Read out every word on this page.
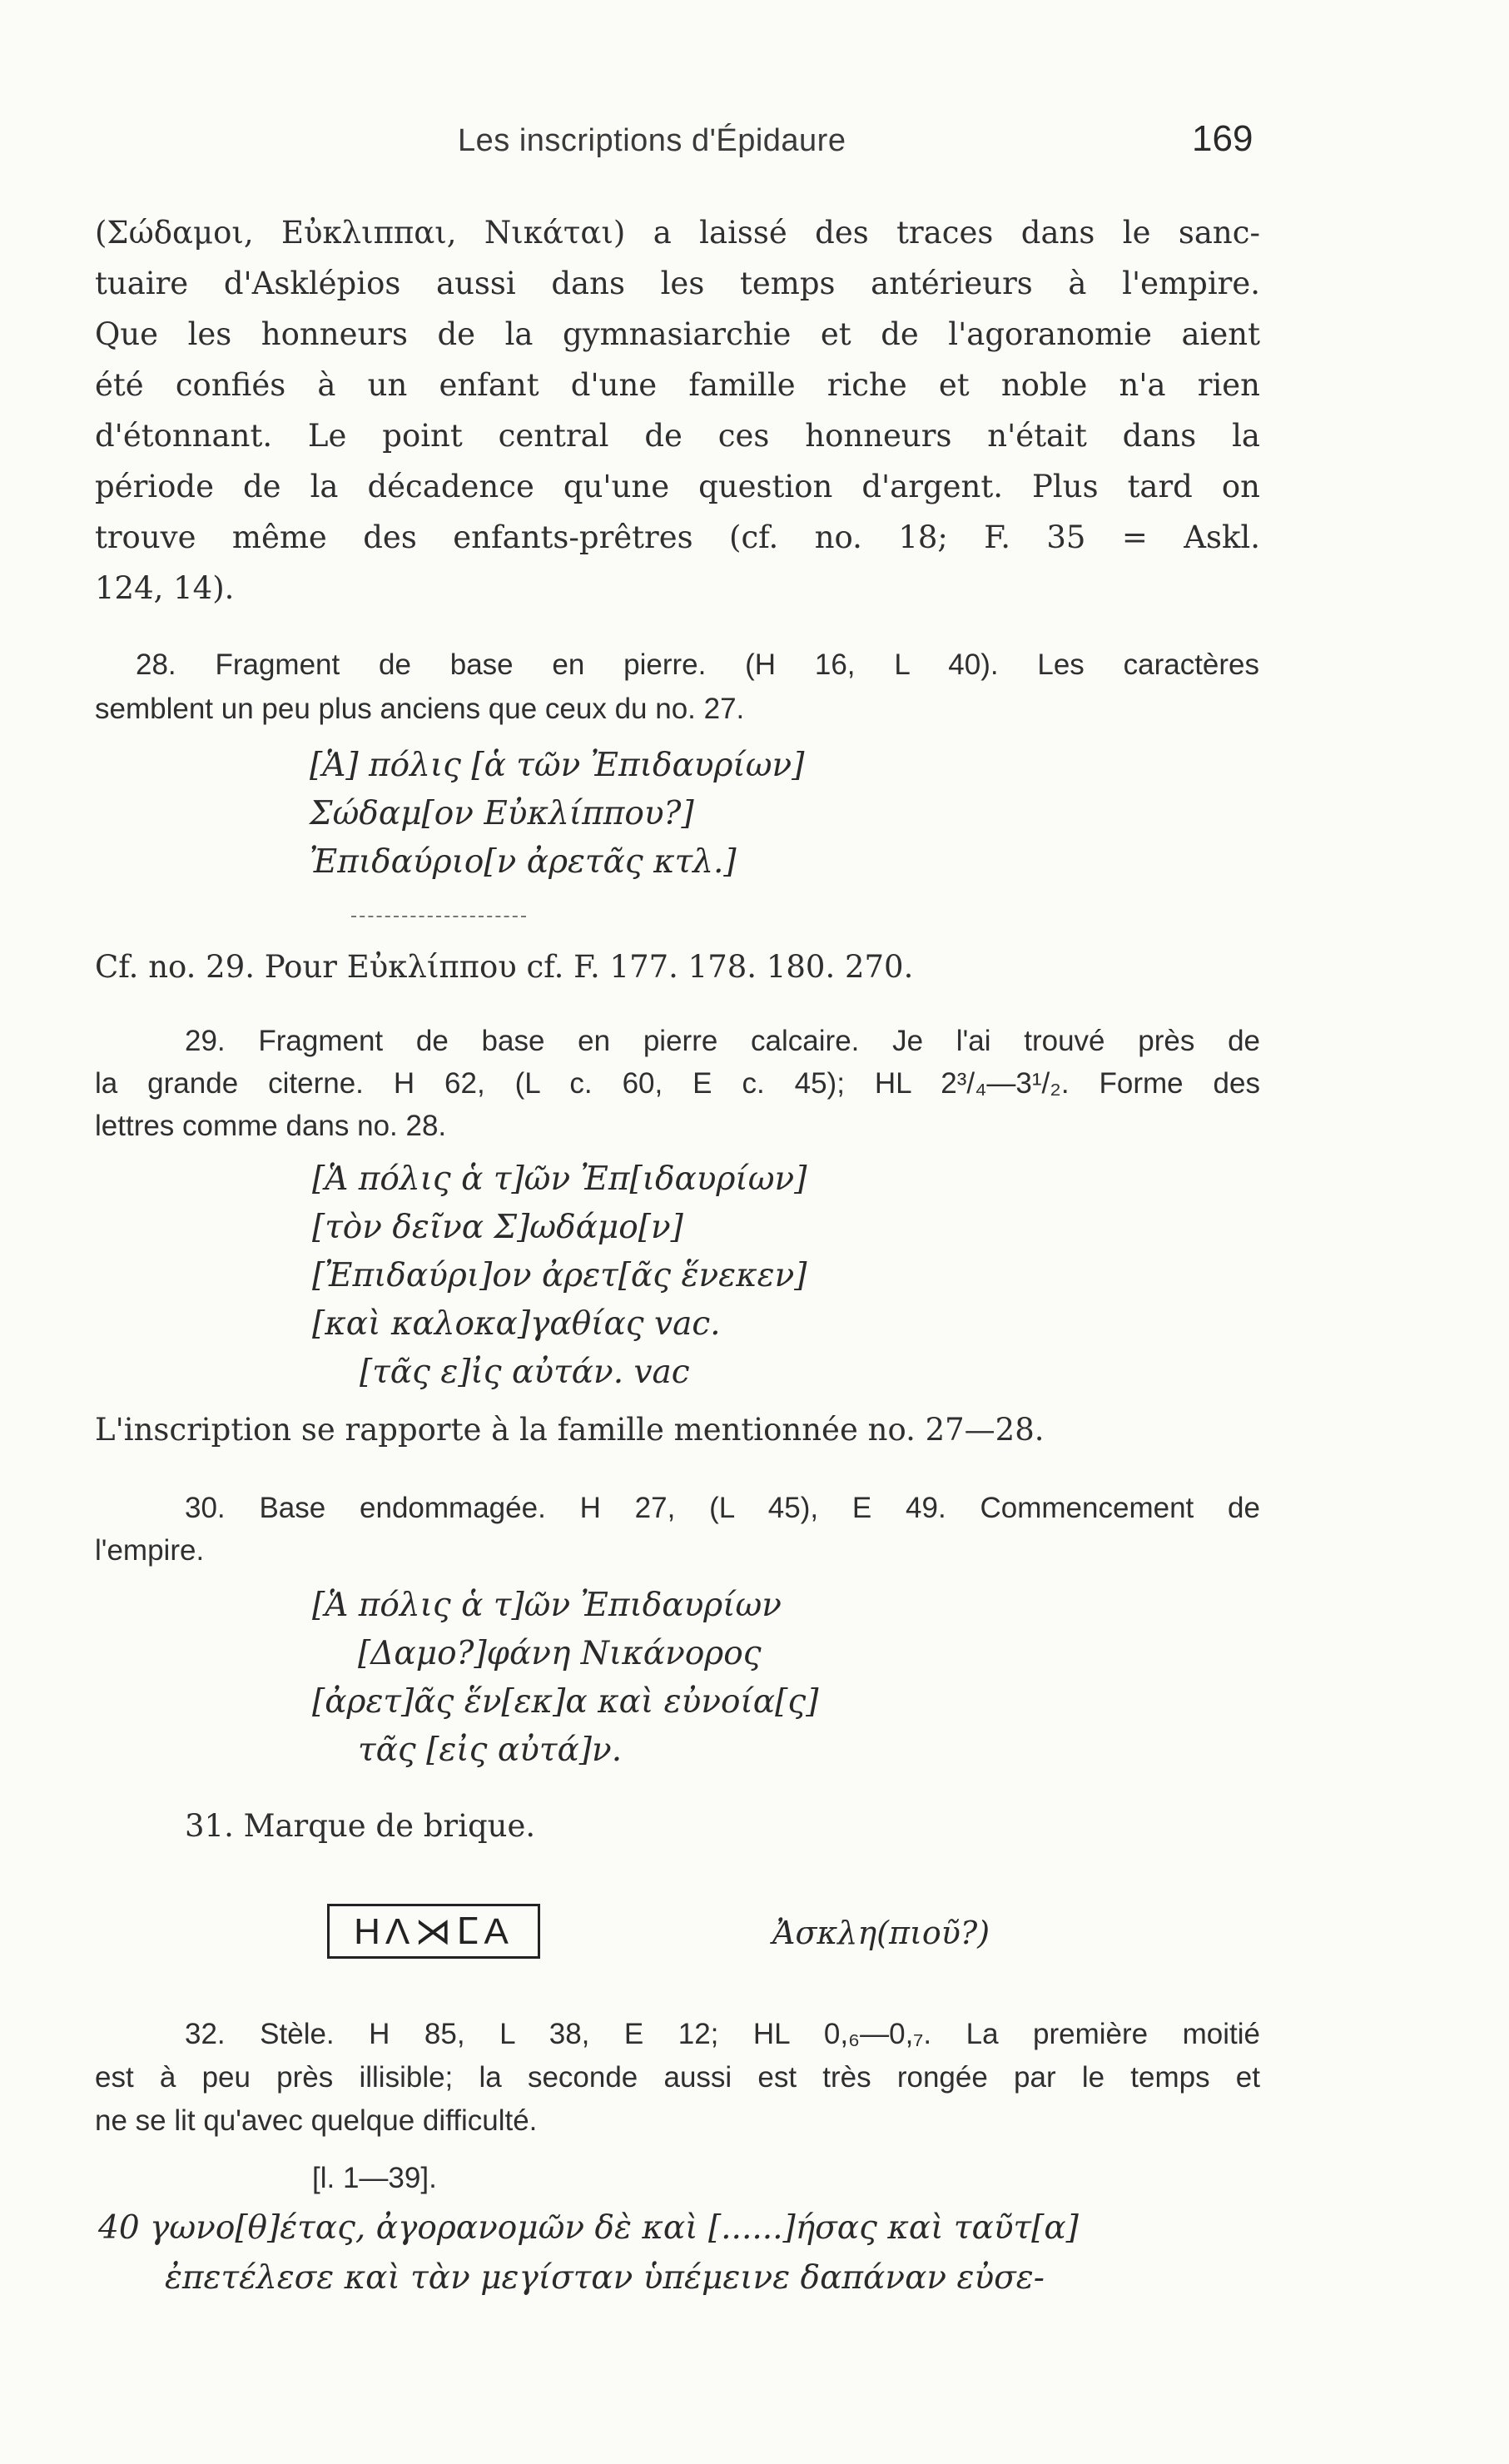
Les inscriptions d'Épidaure	169
(Σώδαμοι, Εὐκλιππαι, Νικάται) a laissé des traces dans le sanc-
tuaire d'Asklépios aussi dans les temps antérieurs à l'empire.
Que les honneurs de la gymnasiarchie et de l'agoranomie aient
été confiés à un enfant d'une famille riche et noble n'a rien
d'étonnant. Le point central de ces honneurs n'était dans la
période de la décadence qu'une question d'argent. Plus tard on
trouve même des enfants-prêtres (cf. no. 18; F. 35 = Askl.
124, 14).
28. Fragment de base en pierre. (H 16, L 40). Les caractères
semblent un peu plus anciens que ceux du no. 27.
[Ἁ] πόλις [ἁ τῶν Ἐπιδαυρίων]
Σώδαμ[ον Εὐκλίππου?]
Ἐπιδαύριο[ν ἀρετᾶς κτλ.]
Cf. no. 29. Pour Εὐκλίππου cf. F. 177. 178. 180. 270.
29. Fragment de base en pierre calcaire. Je l'ai trouvé près de
la grande citerne. H 62, (L c. 60, E c. 45); HL 2³/₄—3¹/₂. Forme des
lettres comme dans no. 28.
[Ἁ πόλις ἁ τ]ῶν Ἐπ[ιδαυρίων]
[τὸν δεῖνα Σ]ωδάμο[ν]
[Ἐπιδαύρι]ον ἀρετ[ᾶς ἕνεκεν]
[καὶ καλοκα]γαθίας vac.
[τᾶς ε]ἰς αὐτάν. vac
L'inscription se rapporte à la famille mentionnée no. 27—28.
30. Base endommagée. H 27, (L 45), E 49. Commencement de
l'empire.
[Ἁ πόλις ἁ τ]ῶν Ἐπιδαυρίων
[Δαμο?]φάνη Νικάνορος
[ἀρετ]ᾶς ἕν[εκ]α καὶ εὐνοία[ς]
τᾶς [εἰς αὐτά]ν.
31. Marque de brique.
HΛ⋊ⵎA	Ἀσκλη(πιοῦ?)
32. Stèle. H 85, L 38, E 12; HL 0,₆—0,₇. La première moitié
est à peu près illisible; la seconde aussi est très rongée par le temps et
ne se lit qu'avec quelque difficulté.
[l. 1—39].
40 γωνο[θ]έτας, ἀγορανομῶν δὲ καὶ [......]ήσας καὶ ταῦτ[α]
ἐπετέλεσε καὶ τὰν μεγίσταν ὑπέμεινε δαπάναν εὐσε-
